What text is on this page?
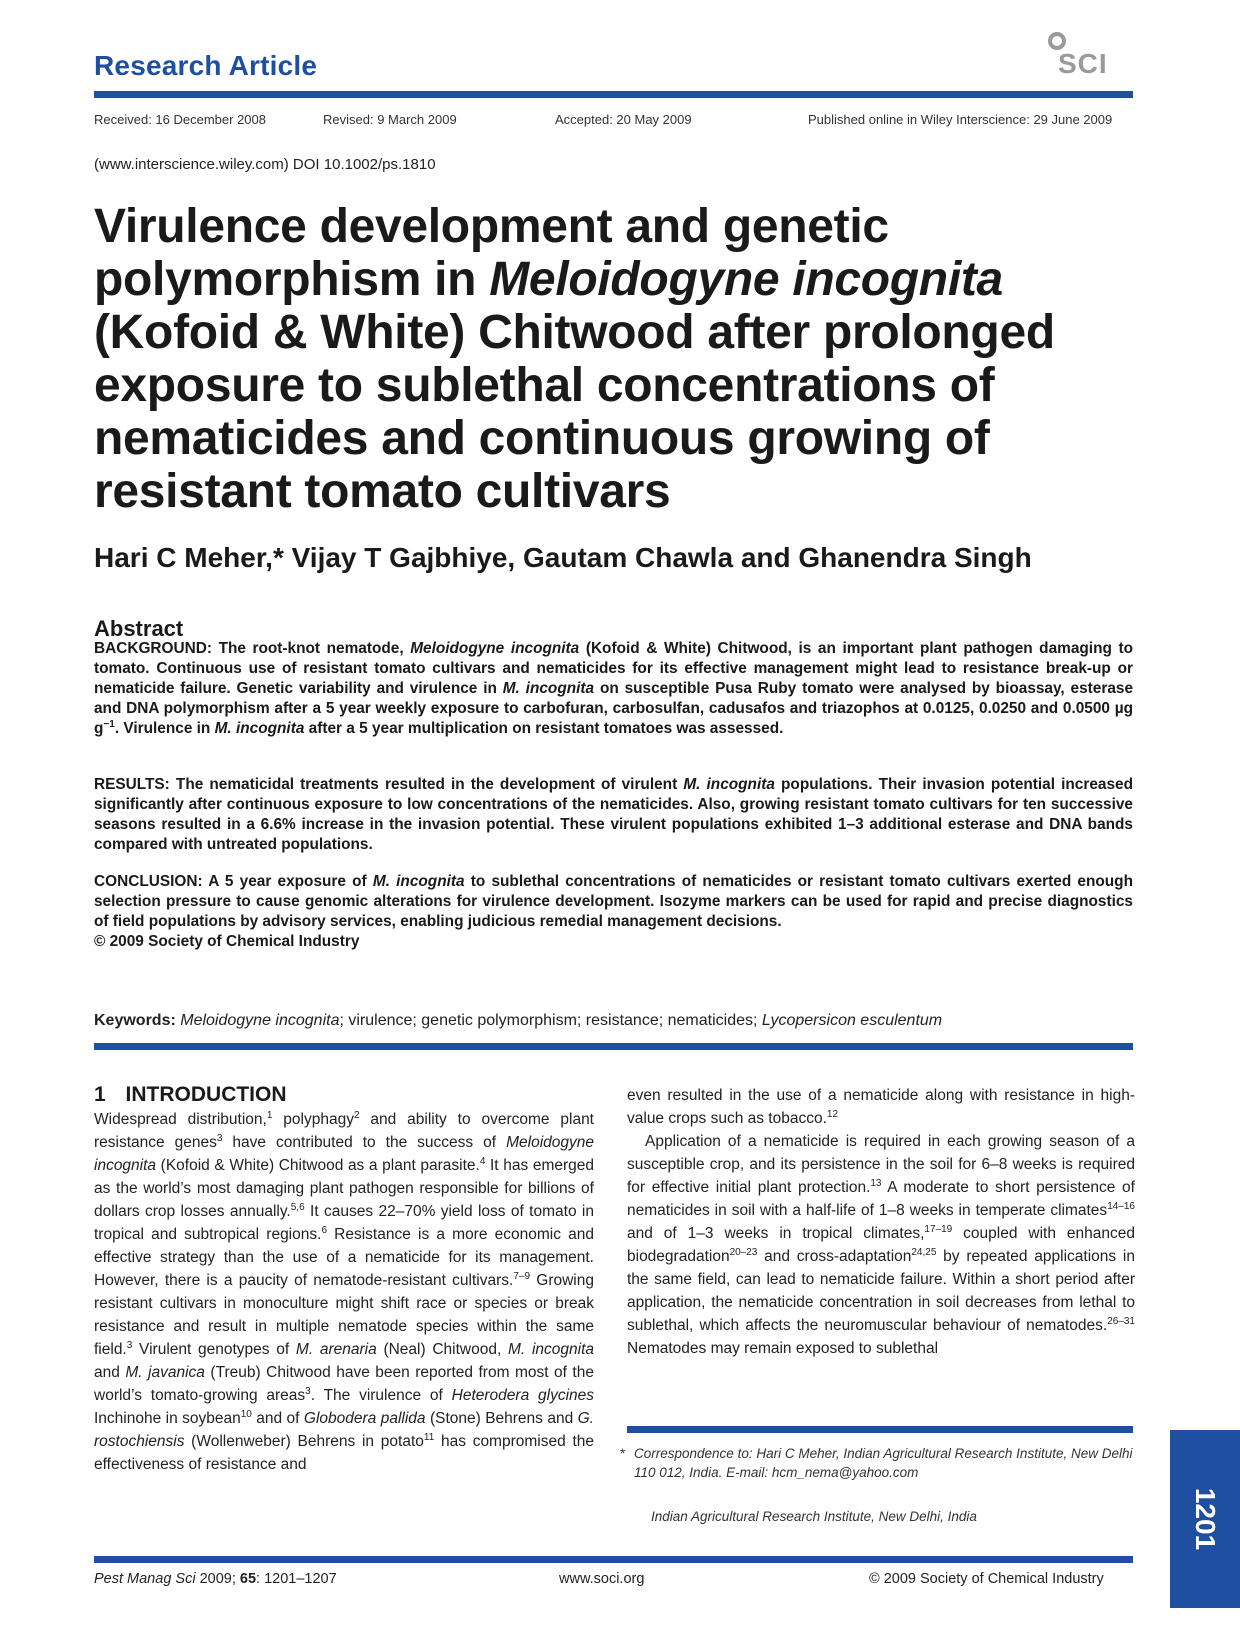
Research Article	SCI
Received: 16 December 2008	Revised: 9 March 2009	Accepted: 20 May 2009	Published online in Wiley Interscience: 29 June 2009
(www.interscience.wiley.com) DOI 10.1002/ps.1810
Virulence development and genetic
polymorphism in Meloidogyne incognita
(Kofoid & White) Chitwood after prolonged
exposure to sublethal concentrations of
nematicides and continuous growing of
resistant tomato cultivars
Hari C Meher,* Vijay T Gajbhiye, Gautam Chawla and Ghanendra Singh
Abstract
BACKGROUND: The root-knot nematode, Meloidogyne incognita (Kofoid & White) Chitwood, is an important plant pathogen damaging to tomato. Continuous use of resistant tomato cultivars and nematicides for its effective management might lead to resistance break-up or nematicide failure. Genetic variability and virulence in M. incognita on susceptible Pusa Ruby tomato were analysed by bioassay, esterase and DNA polymorphism after a 5 year weekly exposure to carbofuran, carbosulfan, cadusafos and triazophos at 0.0125, 0.0250 and 0.0500 µg $g^{-1}$. Virulence in M. incognita after a 5 year multiplication on resistant tomatoes was assessed.
RESULTS: The nematicidal treatments resulted in the development of virulent M. incognita populations. Their invasion potential increased significantly after continuous exposure to low concentrations of the nematicides. Also, growing resistant tomato cultivars for ten successive seasons resulted in a 6.6% increase in the invasion potential. These virulent populations exhibited 1–3 additional esterase and DNA bands compared with untreated populations.
CONCLUSION: A 5 year exposure of M. incognita to sublethal concentrations of nematicides or resistant tomato cultivars exerted enough selection pressure to cause genomic alterations for virulence development. Isozyme markers can be used for rapid and precise diagnostics of field populations by advisory services, enabling judicious remedial management decisions.
© 2009 Society of Chemical Industry
Keywords: Meloidogyne incognita; virulence; genetic polymorphism; resistance; nematicides; Lycopersicon esculentum
1 INTRODUCTION
Widespread distribution,$^1$ polyphagy$^2$ and ability to overcome plant resistance genes$^3$ have contributed to the success of Meloidogyne incognita (Kofoid & White) Chitwood as a plant parasite.$^4$ It has emerged as the world’s most damaging plant pathogen responsible for billions of dollars crop losses annually.$^{5,6}$ It causes 22–70% yield loss of tomato in tropical and subtropical regions.$^6$ Resistance is a more economic and effective strategy than the use of a nematicide for its management. However, there is a paucity of nematode-resistant cultivars.$^{7-9}$ Growing resistant cultivars in monoculture might shift race or species or break resistance and result in multiple nematode species within the same field.$^3$ Virulent genotypes of M. arenaria (Neal) Chitwood, M. incognita and M. javanica (Treub) Chitwood have been reported from most of the world’s tomato-growing areas$^3$. The virulence of Heterodera glycines Inchinohe in soybean$^{10}$ and of Globodera pallida (Stone) Behrens and G. rostochiensis (Wollenweber) Behrens in potato$^{11}$ has compromised the effectiveness of resistance and
even resulted in the use of a nematicide along with resistance in high-value crops such as tobacco.$^{12}$
Application of a nematicide is required in each growing season of a susceptible crop, and its persistence in the soil for 6–8 weeks is required for effective initial plant protection.$^{13}$ A moderate to short persistence of nematicides in soil with a half-life of 1–8 weeks in temperate climates$^{14-16}$ and of 1–3 weeks in tropical climates,$^{17-19}$ coupled with enhanced biodegradation$^{20-23}$ and cross-adaptation$^{24,25}$ by repeated applications in the same field, can lead to nematicide failure. Within a short period after application, the nematicide concentration in soil decreases from lethal to sublethal, which affects the neuromuscular behaviour of nematodes.$^{26-31}$ Nematodes may remain exposed to sublethal
* Correspondence to: Hari C Meher, Indian Agricultural Research Institute, New Delhi 110 012, India. E-mail: hcm_nema@yahoo.com
Indian Agricultural Research Institute, New Delhi, India	1201
Pest Manag Sci 2009; 65: 1201–1207	www.soci.org	© 2009 Society of Chemical Industry
